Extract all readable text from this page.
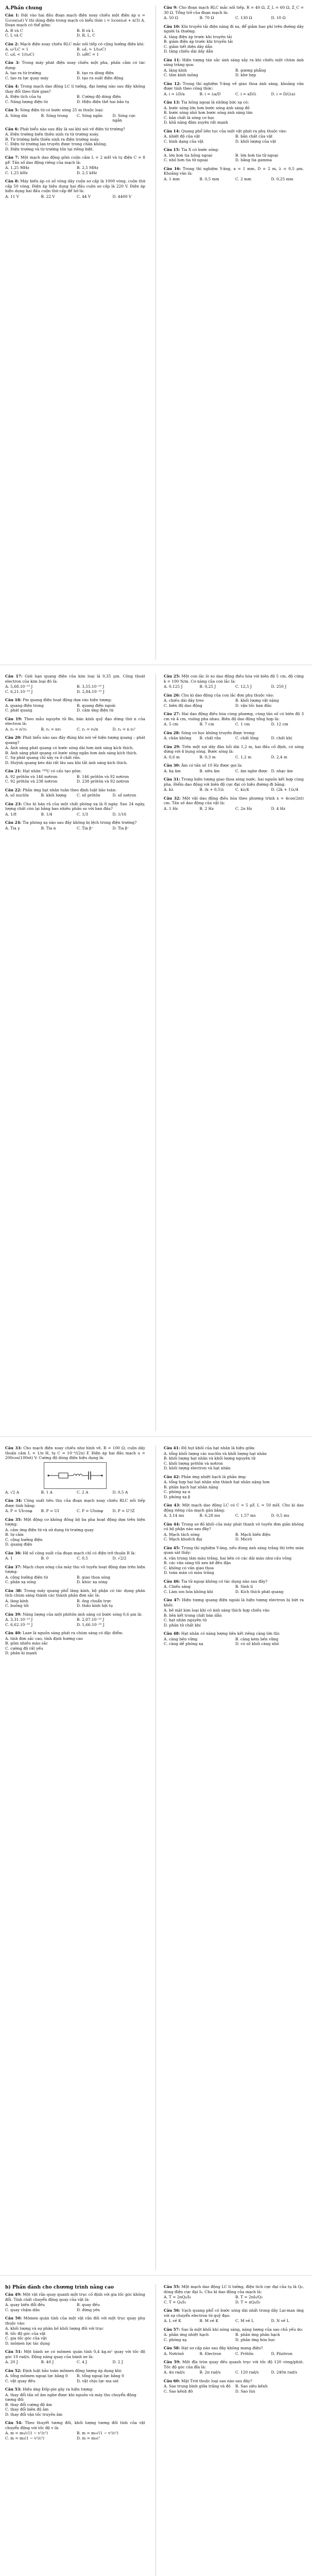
A.Phần chung
Câu 1: Đặt vào hai đầu đoạn mạch điện xoay chiều một điện áp u = U₀cos(ωt) V thì dòng điện trong mạch có biểu thức i = I₀cos(ωt + π/3) A. Đoạn mạch có thể gồm:
A. R và C	B. R và L
C. L và C	D. R, L, C
Câu 2: Mạch điện xoay chiều RLC mắc nối tiếp có cộng hưởng điện khi:
A. ω²LC = 1	B. ωL > 1/(ωC)
C. ωL < 1/(ωC)	D. ωRC = 1
Câu 3: Trong máy phát điện xoay chiều một pha, phần cảm có tác dụng:
A. tạo ra từ trường	B. tạo ra dòng điện
C. tạo ra lực quay máy	D. tạo ra suất điện động
Câu 4: Trong mạch dao động LC lí tưởng, đại lượng nào sau đây không thay đổi theo thời gian?
A. Điện tích của tụ	B. Cường độ dòng điện
C. Năng lượng điện từ	D. Hiệu điện thế hai bản tụ
Câu 5: Sóng điện từ có bước sóng 25 m thuộc loại:
A. Sóng dài	B. Sóng trung	C. Sóng ngắn	D. Sóng cực ngắn
Câu 6: Phát biểu nào sau đây là sai khi nói về điện từ trường?
A. Điện trường biến thiên sinh ra từ trường xoáy.
B. Từ trường biến thiên sinh ra điện trường xoáy.
C. Điện từ trường lan truyền được trong chân không.
D. Điện trường và từ trường tồn tại riêng biệt.
Câu 7: Một mạch dao động gồm cuộn cảm L = 2 mH và tụ điện C = 8 pF. Tần số dao động riêng của mạch là:
A. 1,25 MHz	B. 2,5 MHz
C. 1,25 kHz	D. 2,5 kHz
Câu 8: Máy biến áp có số vòng dây cuộn sơ cấp là 1000 vòng, cuộn thứ cấp 50 vòng. Điện áp hiệu dụng hai đầu cuộn sơ cấp là 220 V. Điện áp hiệu dụng hai đầu cuộn thứ cấp để hở là:
A. 11 V	B. 22 V	C. 44 V	D. 4400 V
Câu 9: Cho đoạn mạch RLC mắc nối tiếp, R = 40 Ω, Z_L = 60 Ω, Z_C = 30 Ω. Tổng trở của đoạn mạch là:
A. 50 Ω	B. 70 Ω	C. 130 Ω	D. 10 Ω
Câu 10: Khi truyền tải điện năng đi xa, để giảm hao phí trên đường dây người ta thường:
A. tăng điện áp trước khi truyền tải
B. giảm điện áp trước khi truyền tải
C. giảm tiết diện dây dẫn
D. tăng chiều dài dây dẫn
Câu 11: Hiện tượng tán sắc ánh sáng xảy ra khi chiếu một chùm ánh sáng trắng qua:
A. lăng kính	B. gương phẳng
C. tấm kính mỏng	D. khe hẹp
Câu 12: Trong thí nghiệm Y-âng về giao thoa ánh sáng, khoảng vân được tính theo công thức:
A. i = λD/a	B. i = λa/D	C. i = aD/λ	D. i = D/(λa)
Câu 13: Tia hồng ngoại là những bức xạ có:
A. bước sóng lớn hơn bước sóng ánh sáng đỏ
B. bước sóng nhỏ hơn bước sóng ánh sáng tím
C. bản chất là sóng cơ học
D. khả năng đâm xuyên rất mạnh
Câu 14: Quang phổ liên tục của một vật phát ra phụ thuộc vào:
A. nhiệt độ của vật	B. bản chất của vật
C. hình dạng của vật	D. khối lượng của vật
Câu 15: Tia X có bước sóng:
A. lớn hơn tia hồng ngoại	B. lớn hơn tia tử ngoại
C. nhỏ hơn tia tử ngoại	D. bằng tia gamma
Câu 16: Trong thí nghiệm Y-âng, a = 1 mm, D = 2 m, λ = 0,5 μm. Khoảng vân là:
A. 1 mm	B. 0,5 mm	C. 2 mm	D. 0,25 mm
Câu 17: Giới hạn quang điện của kim loại là 0,35 μm. Công thoát electron của kim loại đó là:
A. 5,68.10⁻¹⁹ J	B. 3,55.10⁻¹⁹ J
C. 6,21.10⁻¹⁹ J	D. 2,84.10⁻¹⁹ J
Câu 18: Pin quang điện hoạt động dựa vào hiện tượng:
A. quang điện trong	B. quang điện ngoài
C. phát quang	D. cảm ứng điện từ
Câu 19: Theo mẫu nguyên tử Bo, bán kính quỹ đạo dừng thứ n của electron là:
A. rₙ = n²r₀	B. rₙ = nr₀	C. rₙ = r₀/n	D. rₙ = n r₀²
Câu 20: Phát biểu nào sau đây đúng khi nói về hiện tượng quang – phát quang?
A. Ánh sáng phát quang có bước sóng dài hơn ánh sáng kích thích.
B. Ánh sáng phát quang có bước sóng ngắn hơn ánh sáng kích thích.
C. Sự phát quang chỉ xảy ra ở chất rắn.
D. Huỳnh quang kéo dài rất lâu sau khi tắt ánh sáng kích thích.
Câu 21: Hạt nhân ²³⁸U có cấu tạo gồm:
A. 92 prôtôn và 146 nơtron	B. 146 prôtôn và 92 nơtron
C. 92 prôtôn và 238 nơtron	D. 238 prôtôn và 92 nơtron
Câu 22: Phản ứng hạt nhân tuân theo định luật bảo toàn:
A. số nuclôn	B. khối lượng	C. số prôtôn	D. số nơtron
Câu 23: Chu kì bán rã của một chất phóng xạ là 8 ngày. Sau 24 ngày, lượng chất còn lại bằng bao nhiêu phần so với ban đầu?
A. 1/8	B. 1/4	C. 1/3	D. 1/16
Câu 24: Tia phóng xạ nào sau đây không bị lệch trong điện trường?
A. Tia γ	B. Tia α	C. Tia β⁺	D. Tia β⁻
Câu 25: Một con lắc lò xo dao động điều hòa với biên độ 5 cm, độ cứng k = 100 N/m. Cơ năng của con lắc là:
A. 0,125 J	B. 0,25 J	C. 12,5 J	D. 250 J
Câu 26: Chu kì dao động của con lắc đơn phụ thuộc vào:
A. chiều dài dây treo	B. khối lượng vật nặng
C. biên độ dao động	D. vận tốc ban đầu
Câu 27: Hai dao động điều hòa cùng phương, cùng tần số có biên độ 3 cm và 4 cm, vuông pha nhau. Biên độ dao động tổng hợp là:
A. 5 cm	B. 7 cm	C. 1 cm	D. 12 cm
Câu 28: Sóng cơ học không truyền được trong:
A. chân không	B. chất rắn	C. chất lỏng	D. chất khí
Câu 29: Trên một sợi dây đàn hồi dài 1,2 m, hai đầu cố định, có sóng dừng với 4 bụng sóng. Bước sóng là:
A. 0,6 m	B. 0,3 m	C. 1,2 m	D. 2,4 m
Câu 30: Âm có tần số 10 Hz được gọi là:
A. hạ âm	B. siêu âm	C. âm nghe được D. nhạc âm
Câu 31: Trong hiện tượng giao thoa sóng nước, hai nguồn kết hợp cùng pha. Điểm dao động với biên độ cực đại có hiệu đường đi bằng:
A. kλ	B. (k + 0,5)λ	C. kλ/4	D. (2k + 1)λ/4
Câu 32: Một vật dao động điều hòa theo phương trình x = 4cos(2πt) cm. Tần số dao động của vật là:
A. 1 Hz	B. 2 Hz	C. 2π Hz	D. 4 Hz
Câu 33: Cho mạch điện xoay chiều như hình vẽ, R = 100 Ω, cuộn dây thuần cảm L = 1/π H, tụ C = 10⁻⁴/(2π) F. Điện áp hai đầu mạch u = 200cos(100πt) V. Cường độ dòng điện hiệu dụng là:
A. √2 A	B. 1 A	C. 2 A	D. 0,5 A
Câu 34: Công suất tiêu thụ của đoạn mạch xoay chiều RLC nối tiếp được tính bằng:
A. P = UIcosφ	B. P = UI	C. P = UIsinφ	D. P = U²/Z
Câu 35: Một động cơ không đồng bộ ba pha hoạt động dựa trên hiện tượng:
A. cảm ứng điện từ và sử dụng từ trường quay
B. tự cảm
C. cộng hưởng điện
D. quang điện
Câu 36: Hệ số công suất của đoạn mạch chỉ có điện trở thuần R là:
A. 1	B. 0	C. 0,5	D. √2/2
Câu 37: Mạch chọn sóng của máy thu vô tuyến hoạt động dựa trên hiện tượng:
A. cộng hưởng điện từ	B. giao thoa sóng
C. phản xạ sóng	D. khúc xạ sóng
Câu 38: Trong máy quang phổ lăng kính, bộ phận có tác dụng phân tích chùm sáng thành các thành phần đơn sắc là:
A. lăng kính	B. ống chuẩn trực
C. buồng tối	D. thấu kính hội tụ
Câu 39: Năng lượng của một phôtôn ánh sáng có bước sóng 0,6 μm là:
A. 3,31.10⁻¹⁹ J	B. 2,07.10⁻¹⁹ J
C. 6,62.10⁻¹⁹ J	D. 1,66.10⁻¹⁹ J
Câu 40: Laze là nguồn sáng phát ra chùm sáng có đặc điểm:
A. tính đơn sắc cao, tính định hướng cao
B. gồm nhiều màu sắc
C. cường độ rất yếu
D. phân kì mạnh
Câu 41: Độ hụt khối của hạt nhân là hiệu giữa:
A. tổng khối lượng các nuclôn và khối lượng hạt nhân
B. khối lượng hạt nhân và khối lượng nguyên tử
C. khối lượng prôtôn và nơtron
D. khối lượng electron và hạt nhân
Câu 42: Phản ứng nhiệt hạch là phản ứng:
A. tổng hợp hai hạt nhân nhẹ thành hạt nhân nặng hơn
B. phân hạch hạt nhân nặng
C. phóng xạ α
D. phóng xạ β
Câu 43: Một mạch dao động LC có C = 5 μF, L = 50 mH. Chu kì dao động riêng của mạch gần bằng:
A. 3,14 ms	B. 6,28 ms	C. 1,57 ms	D. 0,5 ms
Câu 44: Trong sơ đồ khối của máy phát thanh vô tuyến đơn giản không có bộ phận nào sau đây?
A. Mạch tách sóng	B. Mạch biến điệu
C. Mạch khuếch đại	D. Micrô
Câu 45: Trong thí nghiệm Y-âng, nếu dùng ánh sáng trắng thì trên màn quan sát thấy:
A. vân trung tâm màu trắng, hai bên có các dải màu như cầu vồng
B. các vân sáng tối xen kẽ đều đặn
C. không có vân giao thoa
D. toàn màn có màu trắng
Câu 46: Tia tử ngoại không có tác dụng nào sau đây?
A. Chiếu sáng	B. Sinh lí
C. Làm ion hóa không khí	D. Kích thích phát quang
Câu 47: Hiện tượng quang điện ngoài là hiện tượng electron bị bứt ra khỏi:
A. bề mặt kim loại khi có ánh sáng thích hợp chiếu vào
B. liên kết trong chất bán dẫn
C. hạt nhân nguyên tử
D. phân tử chất khí
Câu 48: Hạt nhân có năng lượng liên kết riêng càng lớn thì:
A. càng bền vững	B. càng kém bền vững
C. càng dễ phóng xạ	D. có số khối càng nhỏ
b) Phần dành cho chương trình nâng cao
Câu 49: Một vật rắn quay quanh một trục cố định với gia tốc góc không đổi. Tính chất chuyển động quay của vật là:
A. quay biến đổi đều	B. quay đều
C. quay chậm dần	D. đứng yên
Câu 50: Mômen quán tính của một vật rắn đối với một trục quay phụ thuộc vào:
A. khối lượng và sự phân bố khối lượng đối với trục
B. tốc độ góc của vật
C. gia tốc góc của vật
D. mômen lực tác dụng
Câu 51: Một bánh xe có mômen quán tính 0,4 kg.m² quay với tốc độ góc 10 rad/s. Động năng quay của bánh xe là:
A. 20 J	B. 40 J	C. 4 J	D. 2 J
Câu 52: Định luật bảo toàn mômen động lượng áp dụng khi:
A. tổng mômen ngoại lực bằng 0	B. tổng ngoại lực bằng 0
C. vật quay đều	D. vật chịu lực ma sát
Câu 53: Hiệu ứng Đốp-ple gây ra hiện tượng:
A. thay đổi tần số âm nghe được khi nguồn và máy thu chuyển động tương đối
B. thay đổi cường độ âm
C. thay đổi biên độ âm
D. thay đổi vận tốc truyền âm
Câu 54: Theo thuyết tương đối, khối lượng tương đối tính của vật chuyển động với tốc độ v là:
A. m = m₀/√(1 − v²/c²)	B. m = m₀√(1 − v²/c²)
C. m = m₀(1 − v²/c²)	D. m = m₀c²
Câu 55: Một mạch dao động LC lí tưởng, điện tích cực đại của tụ là Q₀, dòng điện cực đại I₀. Chu kì dao động của mạch là:
A. T = 2πQ₀/I₀	B. T = 2πI₀/Q₀
C. T = Q₀/I₀	D. T = πQ₀/I₀
Câu 56: Vạch quang phổ có bước sóng dài nhất trong dãy Lai-man ứng với sự chuyển electron từ quỹ đạo:
A. L về K	B. M về K	C. M về L	D. N về L
Câu 57: Sao là một khối khí nóng sáng, năng lượng của sao chủ yếu do:
A. phản ứng nhiệt hạch	B. phản ứng phân hạch
C. phóng xạ	D. phản ứng hóa học
Câu 58: Hạt sơ cấp nào sau đây không mang điện?
A. Nơtrinô	B. Electron	C. Prôtôn	D. Pôzitron
Câu 59: Một đĩa tròn quay đều quanh trục với tốc độ 120 vòng/phút. Tốc độ góc của đĩa là:
A. 4π rad/s	B. 2π rad/s	C. 120 rad/s	D. 240π rad/s
Câu 60: Mặt Trời thuộc loại sao nào sau đây?
A. Sao trung bình giữa trắng và đỏ	B. Sao siêu kềnh
C. Sao kềnh đỏ	D. Sao lùn
